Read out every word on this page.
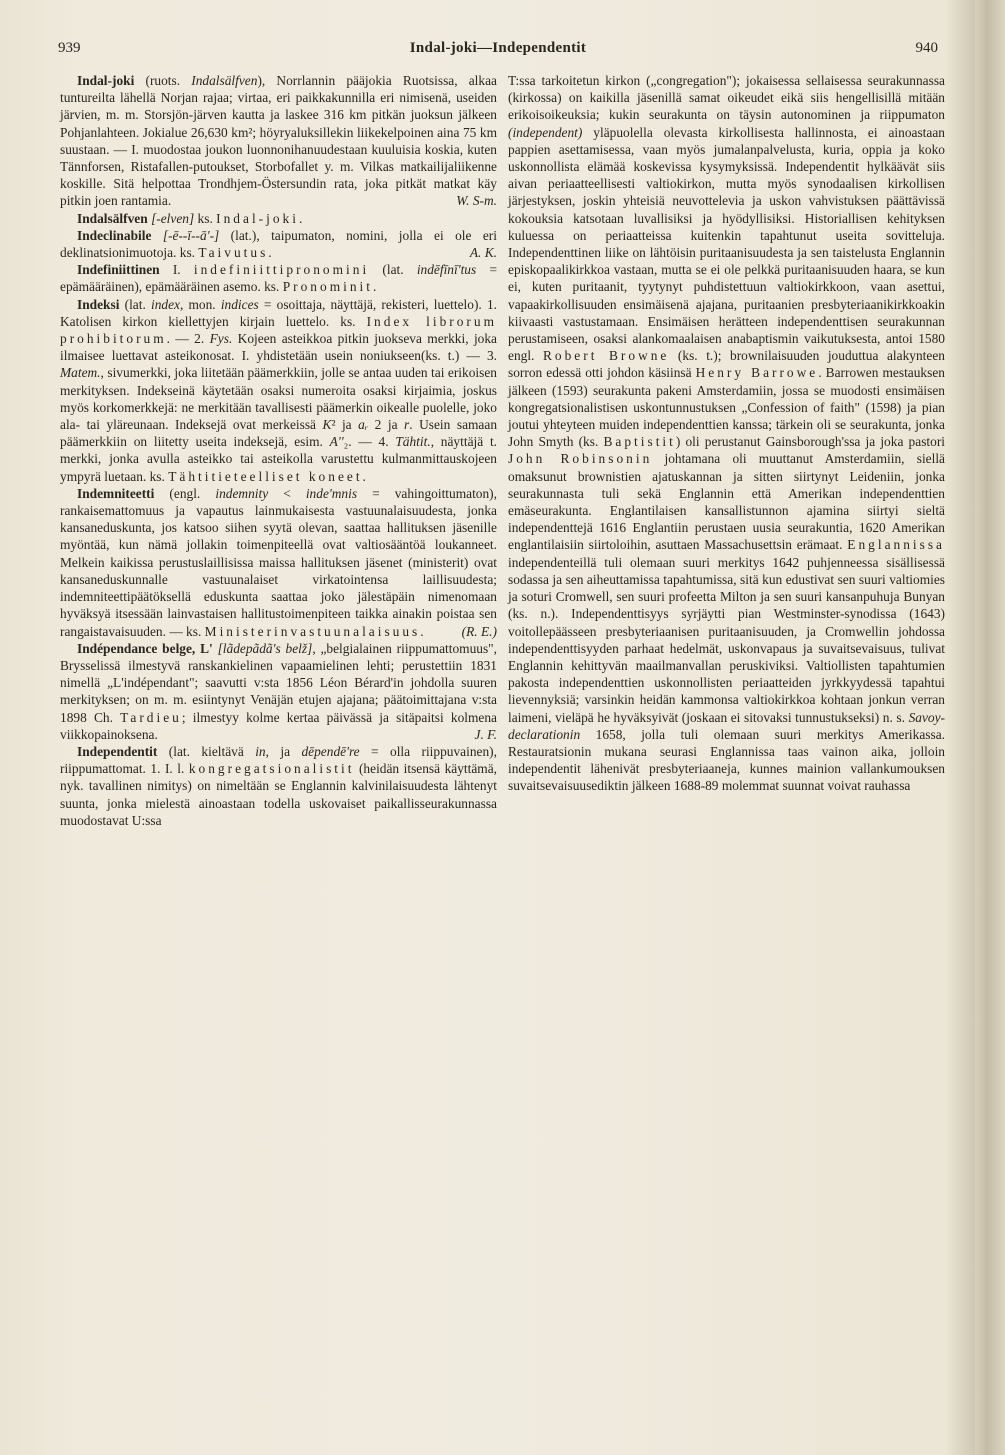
939	Indal-joki—Independentit	940

Indal-joki (ruots. Indalsälfven), Norrlannin pääjokia Ruotsissa, alkaa tuntureilta lähellä Norjan rajaa; virtaa, eri paikkakunnilla eri nimisenä, useiden järvien, m. m. Storsjön-järven kautta ja laskee 316 km pitkän juoksun jälkeen Pohjanlahteen. Jokialue 26,630 km²; höyryaluksillekin liikekelpoinen aina 75 km suustaan. — I. muodostaa joukon luonnonihanuudestaan kuuluisia koskia, kuten Tännforsen, Ristafallen-putoukset, Storbofallet y. m. Vilkas matkailijaliikenne koskille. Sitä helpottaa Trondhjem-Östersundin rata, joka pitkät matkat käy pitkin joen rantamia.	W. S-m.

Indalsälfven [-elven] ks. Indal-joki.

Indeclinabile [-ē--ī--ā'-] (lat.), taipumaton, nomini, jolla ei ole eri deklinatsionimuotoja. ks. Taivutus.	A. K.

Indefiniittinen I. indefiniittipronomini (lat. indēfīnī'tus = epämääräinen), epämääräinen asemo. ks. Pronominit.

Indeksi (lat. index, mon. indices = osoittaja, näyttäjä, rekisteri, luettelo). 1. Katolisen kirkon kiellettyjen kirjain luettelo. ks. Index librorum prohibitorum. — 2. Fys. Kojeen asteikkoa pitkin juokseva merkki, joka ilmaisee luettavat asteikonosat. I. yhdistetään usein noniukseen(ks. t.) — 3. Matem., sivumerkki, joka liitetään päämerkkiin, jolle se antaa uuden tai erikoisen merkityksen. Indekseinä käytetään osaksi numeroita osaksi kirjaimia, joskus myös korkomerkkejä: ne merkitään tavallisesti päämerkin oikealle puolelle, joko ala- tai yläreunaan. Indeksejä ovat merkeissä K² ja aᵣ 2 ja r. Usein samaan päämerkkiin on liitetty useita indeksejä, esim. A''₂. — 4. Tähtit., näyttäjä t. merkki, jonka avulla asteikko tai asteikolla varustettu kulmanmittauskojeen ympyrä luetaan. ks. Tähtitieteelliset koneet.

Indemniteetti (engl. indemnity < inde'mnis = vahingoittumaton), rankaisemattomuus ja vapautus lainmukaisesta vastuunalaisuudesta, jonka kansaneduskunta, jos katsoo siihen syytä olevan, saattaa hallituksen jäsenille myöntää, kun nämä jollakin toimenpiteellä ovat valtiosääntöä loukanneet. Melkein kaikissa perustuslaillisissa maissa hallituksen jäsenet (ministerit) ovat kansaneduskunnalle vastuunalaiset virkatointensa laillisuudesta; indemniteettipäätöksellä eduskunta saattaa joko jälestäpäin nimenomaan hyväksyä itsessään lainvastaisen hallitustoimenpiteen taikka ainakin poistaa sen rangaistavaisuuden. — ks. Ministerinvastuunalaisuus.	(R. E.)

Indépendance belge, L' [lãdepãdã's belž], „belgialainen riippumattomuus", Brysselissä ilmestyvä ranskankielinen vapaamielinen lehti; perustettiin 1831 nimellä „L'indépendant"; saavutti v:sta 1856 Léon Bérard'in johdolla suuren merkityksen; on m. m. esiintynyt Venäjän etujen ajajana; päätoimittajana v:sta 1898 Ch. Tardieu; ilmestyy kolme kertaa päivässä ja sitäpaitsi kolmena viikkopainoksena.	J. F.

Independentit (lat. kieltävä in, ja dēpendē're = olla riippuvainen), riippumattomat. 1. I. l. kongregatsionalistit (heidän itsensä käyttämä, nyk. tavallinen nimitys) on nimeltään se Englannin kalvinilaisuudesta lähtenyt suunta, jonka mielestä ainoastaan todella uskovaiset paikallisseurakunnassa muodostavat U:ssa

T:ssa tarkoitetun kirkon („congregation"); jokaisessa sellaisessa seurakunnassa (kirkossa) on kaikilla jäsenillä samat oikeudet eikä siis hengellisillä mitään erikoisoikeuksia; kukin seurakunta on täysin autonominen ja riippumaton (independent) yläpuolella olevasta kirkollisesta hallinnosta, ei ainoastaan pappien asettamisessa, vaan myös jumalanpalvelusta, kuria, oppia ja koko uskonnollista elämää koskevissa kysymyksissä. Independentit hylkäävät siis aivan periaatteellisesti valtiokirkon, mutta myös synodaalisen kirkollisen järjestyksen, joskin yhteisiä neuvottelevia ja uskon vahvistuksen päättävissä kokouksia katsotaan luvallisiksi ja hyödyllisiksi. Historiallisen kehityksen kuluessa on periaatteissa kuitenkin tapahtunut useita sovitteluja. Independenttinen liike on lähtöisin puritaanisuudesta ja sen taistelusta Englannin episkopaalikirkkoa vastaan, mutta se ei ole pelkkä puritaanisuuden haara, se kun ei, kuten puritaanit, tyytynyt puhdistettuun valtiokirkkoon, vaan asettui, vapaakirkollisuuden ensimäisenä ajajana, puritaanien presbyteriaanikirkkoakin kiivaasti vastustamaan. Ensimäisen herätteen independenttisen seurakunnan perustamiseen, osaksi alankomaalaisen anabaptismin vaikutuksesta, antoi 1580 engl. Robert Browne (ks. t.); brownilaisuuden jouduttua alakynteen sorron edessä otti johdon käsiinsä Henry Barrowe. Barrowen mestauksen jälkeen (1593) seurakunta pakeni Amsterdamiin, jossa se muodosti ensimäisen kongregatsionalistisen uskontunnustuksen „Confession of faith" (1598) ja pian joutui yhteyteen muiden independenttien kanssa; tärkein oli se seurakunta, jonka John Smyth (ks. Baptistit) oli perustanut Gainsborough'ssa ja joka pastori John Robinsonin johtamana oli muuttanut Amsterdamiin, siellä omaksunut brownistien ajatuskannan ja sitten siirtynyt Leideniin, jonka seurakunnasta tuli sekä Englannin että Amerikan independenttien emäseurakunta. Englantilaisen kansallistunnon ajamina siirtyi sieltä independenttejä 1616 Englantiin perustaen uusia seurakuntia, 1620 Amerikan englantilaisiin siirtoloihin, asuttaen Massachusettsin erämaat. Englannissa independenteillä tuli olemaan suuri merkitys 1642 puhjenneessa sisällisessä sodassa ja sen aiheuttamissa tapahtumissa, sitä kun edustivat sen suuri valtiomies ja soturi Cromwell, sen suuri profeetta Milton ja sen suuri kansanpuhuja Bunyan (ks. n.). Independenttisyys syrjäytti pian Westminster-synodissa (1643) voitollepäässeen presbyteriaanisen puritaanisuuden, ja Cromwellin johdossa independenttisyyden parhaat hedelmät, uskonvapaus ja suvaitsevaisuus, tulivat Englannin kehittyvän maailmanvallan peruskiviksi. Valtiollisten tapahtumien pakosta independenttien uskonnollisten periaatteiden jyrkkyydessä tapahtui lievennyksiä; varsinkin heidän kammonsa valtiokirkkoa kohtaan jonkun verran laimeni, vieläpä he hyväksyivät (joskaan ei sitovaksi tunnustukseksi) n. s. Savoy-declarationin 1658, jolla tuli olemaan suuri merkitys Amerikassa. Restauratsionin mukana seurasi Englannissa taas vainon aika, jolloin independentit lähenivät presbyteriaaneja, kunnes mainion vallankumouksen suvaitsevaisuusediktin jälkeen 1688-89 molemmat suunnat voivat rauhassa
